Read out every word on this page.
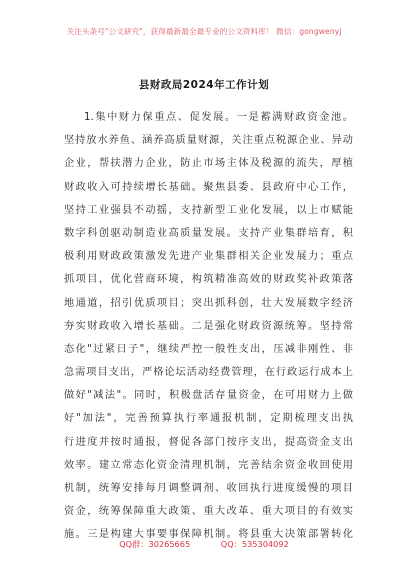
关注头条号"公文研究"，获得最新最全最专业的公文资料库！ 微信：gongwenyj
县财政局2024年工作计划
1.集中财力保重点、促发展。一是蓄满财政资金池。
坚持放水养鱼、涵养高质量财源，关注重点税源企业、异动
企业，帮扶潜力企业，防止市场主体及税源的流失，厚植
财政收入可持续增长基础。聚焦县委、县政府中心工作，
坚持工业强县不动摇，支持新型工业化发展，以上市赋能
数字科创驱动制造业高质量发展。支持产业集群培育，积
极利用财政政策激发先进产业集群相关企业发展力；重点
抓项目，优化营商环境，构筑精准高效的财政奖补政策落
地通道，招引优质项目；突出抓科创，壮大发展数字经济
夯实财政收入增长基础。二是强化财政资源统筹。坚持常
态化"过紧日子"，继续严控一般性支出，压减非刚性、非
急需项目支出，严格论坛活动经费管理，在行政运行成本上
做好"减法"。同时，积极盘活存量资金，在可用财力上做
好"加法"，完善预算执行率通报机制，定期梳理支出执
行进度并按时通报，督促各部门按序支出，提高资金支出
效率。建立常态化资金清理机制，完善结余资金收回使用
机制，统筹安排每月调整调剂、收回执行进度缓慢的项目
资金，统筹保障重大政策、重大改革、重大项目的有效实
施。三是构建大事要事保障机制。将县重大决策部署转化
QQ群：30265665	QQ：535304092
